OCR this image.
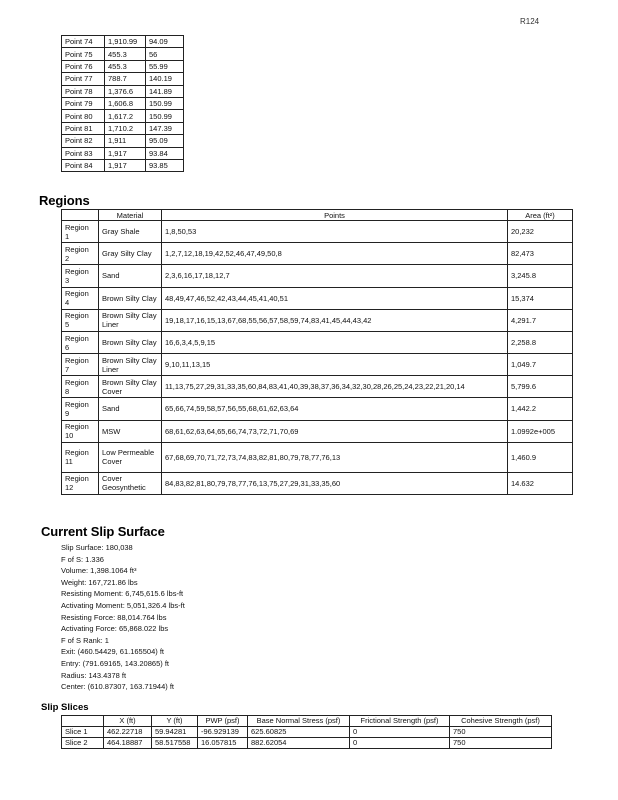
R124
Point 74	1,910.99	94.09
Point 75	455.3	56
Point 76	455.3	55.99
Point 77	788.7	140.19
Point 78	1,376.6	141.89
Point 79	1,606.8	150.99
Point 80	1,617.2	150.99
Point 81	1,710.2	147.39
Point 82	1,911	95.09
Point 83	1,917	93.84
Point 84	1,917	93.85
Regions
	Material	Points	Area (ft²)
Region 1	Gray Shale	1,8,50,53	20,232
Region 2	Gray Silty Clay	1,2,7,12,18,19,42,52,46,47,49,50,8	82,473
Region 3	Sand	2,3,6,16,17,18,12,7	3,245.8
Region 4	Brown Silty Clay	48,49,47,46,52,42,43,44,45,41,40,51	15,374
Region 5	Brown Silty Clay Liner	19,18,17,16,15,13,67,68,55,56,57,58,59,74,83,41,45,44,43,42	4,291.7
Region 6	Brown Silty Clay	16,6,3,4,5,9,15	2,258.8
Region 7	Brown Silty Clay Liner	9,10,11,13,15	1,049.7
Region 8	Brown Silty Clay Cover	11,13,75,27,29,31,33,35,60,84,83,41,40,39,38,37,36,34,32,30,28,26,25,24,23,22,21,20,14	5,799.6
Region 9	Sand	65,66,74,59,58,57,56,55,68,61,62,63,64	1,442.2
Region 10	MSW	68,61,62,63,64,65,66,74,73,72,71,70,69	1.0992e+005
Region 11	Low Permeable Cover	67,68,69,70,71,72,73,74,83,82,81,80,79,78,77,76,13	1,460.9
Region 12	Cover Geosynthetic	84,83,82,81,80,79,78,77,76,13,75,27,29,31,33,35,60	14.632
Current Slip Surface
Slip Surface: 180,038
F of S: 1.336
Volume: 1,398.1064 ft³
Weight: 167,721.86 lbs
Resisting Moment: 6,745,615.6 lbs-ft
Activating Moment: 5,051,326.4 lbs-ft
Resisting Force: 88,014.764 lbs
Activating Force: 65,868.022 lbs
F of S Rank: 1
Exit: (460.54429, 61.165504) ft
Entry: (791.69165, 143.20865) ft
Radius: 143.4378 ft
Center: (610.87307, 163.71944) ft
Slip Slices
	X (ft)	Y (ft)	PWP (psf)	Base Normal Stress (psf)	Frictional Strength (psf)	Cohesive Strength (psf)
Slice 1	462.22718	59.94281	-96.929139	625.60825	0	750
Slice 2	464.18887	58.517558	16.057815	882.62054	0	750
